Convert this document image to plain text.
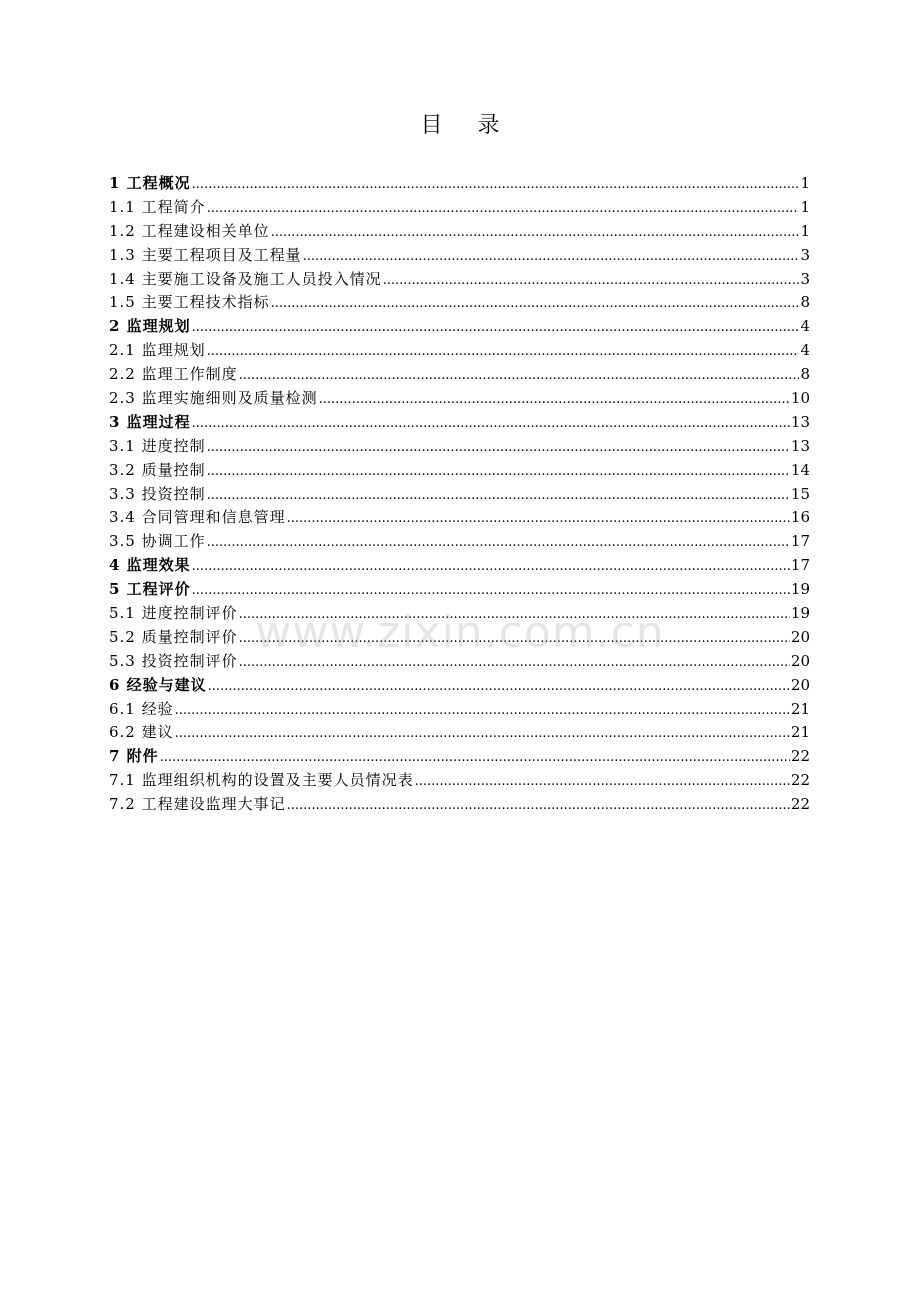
目 录
1 工程概况 .....	1
1.1 工程简介 .....	1
1.2 工程建设相关单位 .....	1
1.3 主要工程项目及工程量 .....	3
1.4 主要施工设备及施工人员投入情况 .....	3
1.5 主要工程技术指标 .....	8
2 监理规划 .....	4
2.1 监理规划 .....	4
2.2 监理工作制度 .....	8
2.3 监理实施细则及质量检测 .....	10
3 监理过程 .....	13
3.1 进度控制 .....	13
3.2 质量控制 .....	14
3.3 投资控制 .....	15
3.4 合同管理和信息管理 .....	16
3.5 协调工作 .....	17
4 监理效果 .....	17
5 工程评价 .....	19
5.1 进度控制评价 .....	19
5.2 质量控制评价 .....	20
5.3 投资控制评价 .....	20
6 经验与建议 .....	20
6.1 经验 .....	21
6.2 建议 .....	21
7 附件 .....	22
7.1 监理组织机构的设置及主要人员情况表 .....	22
7.2 工程建设监理大事记 .....	22
www.zixin.com.cn
